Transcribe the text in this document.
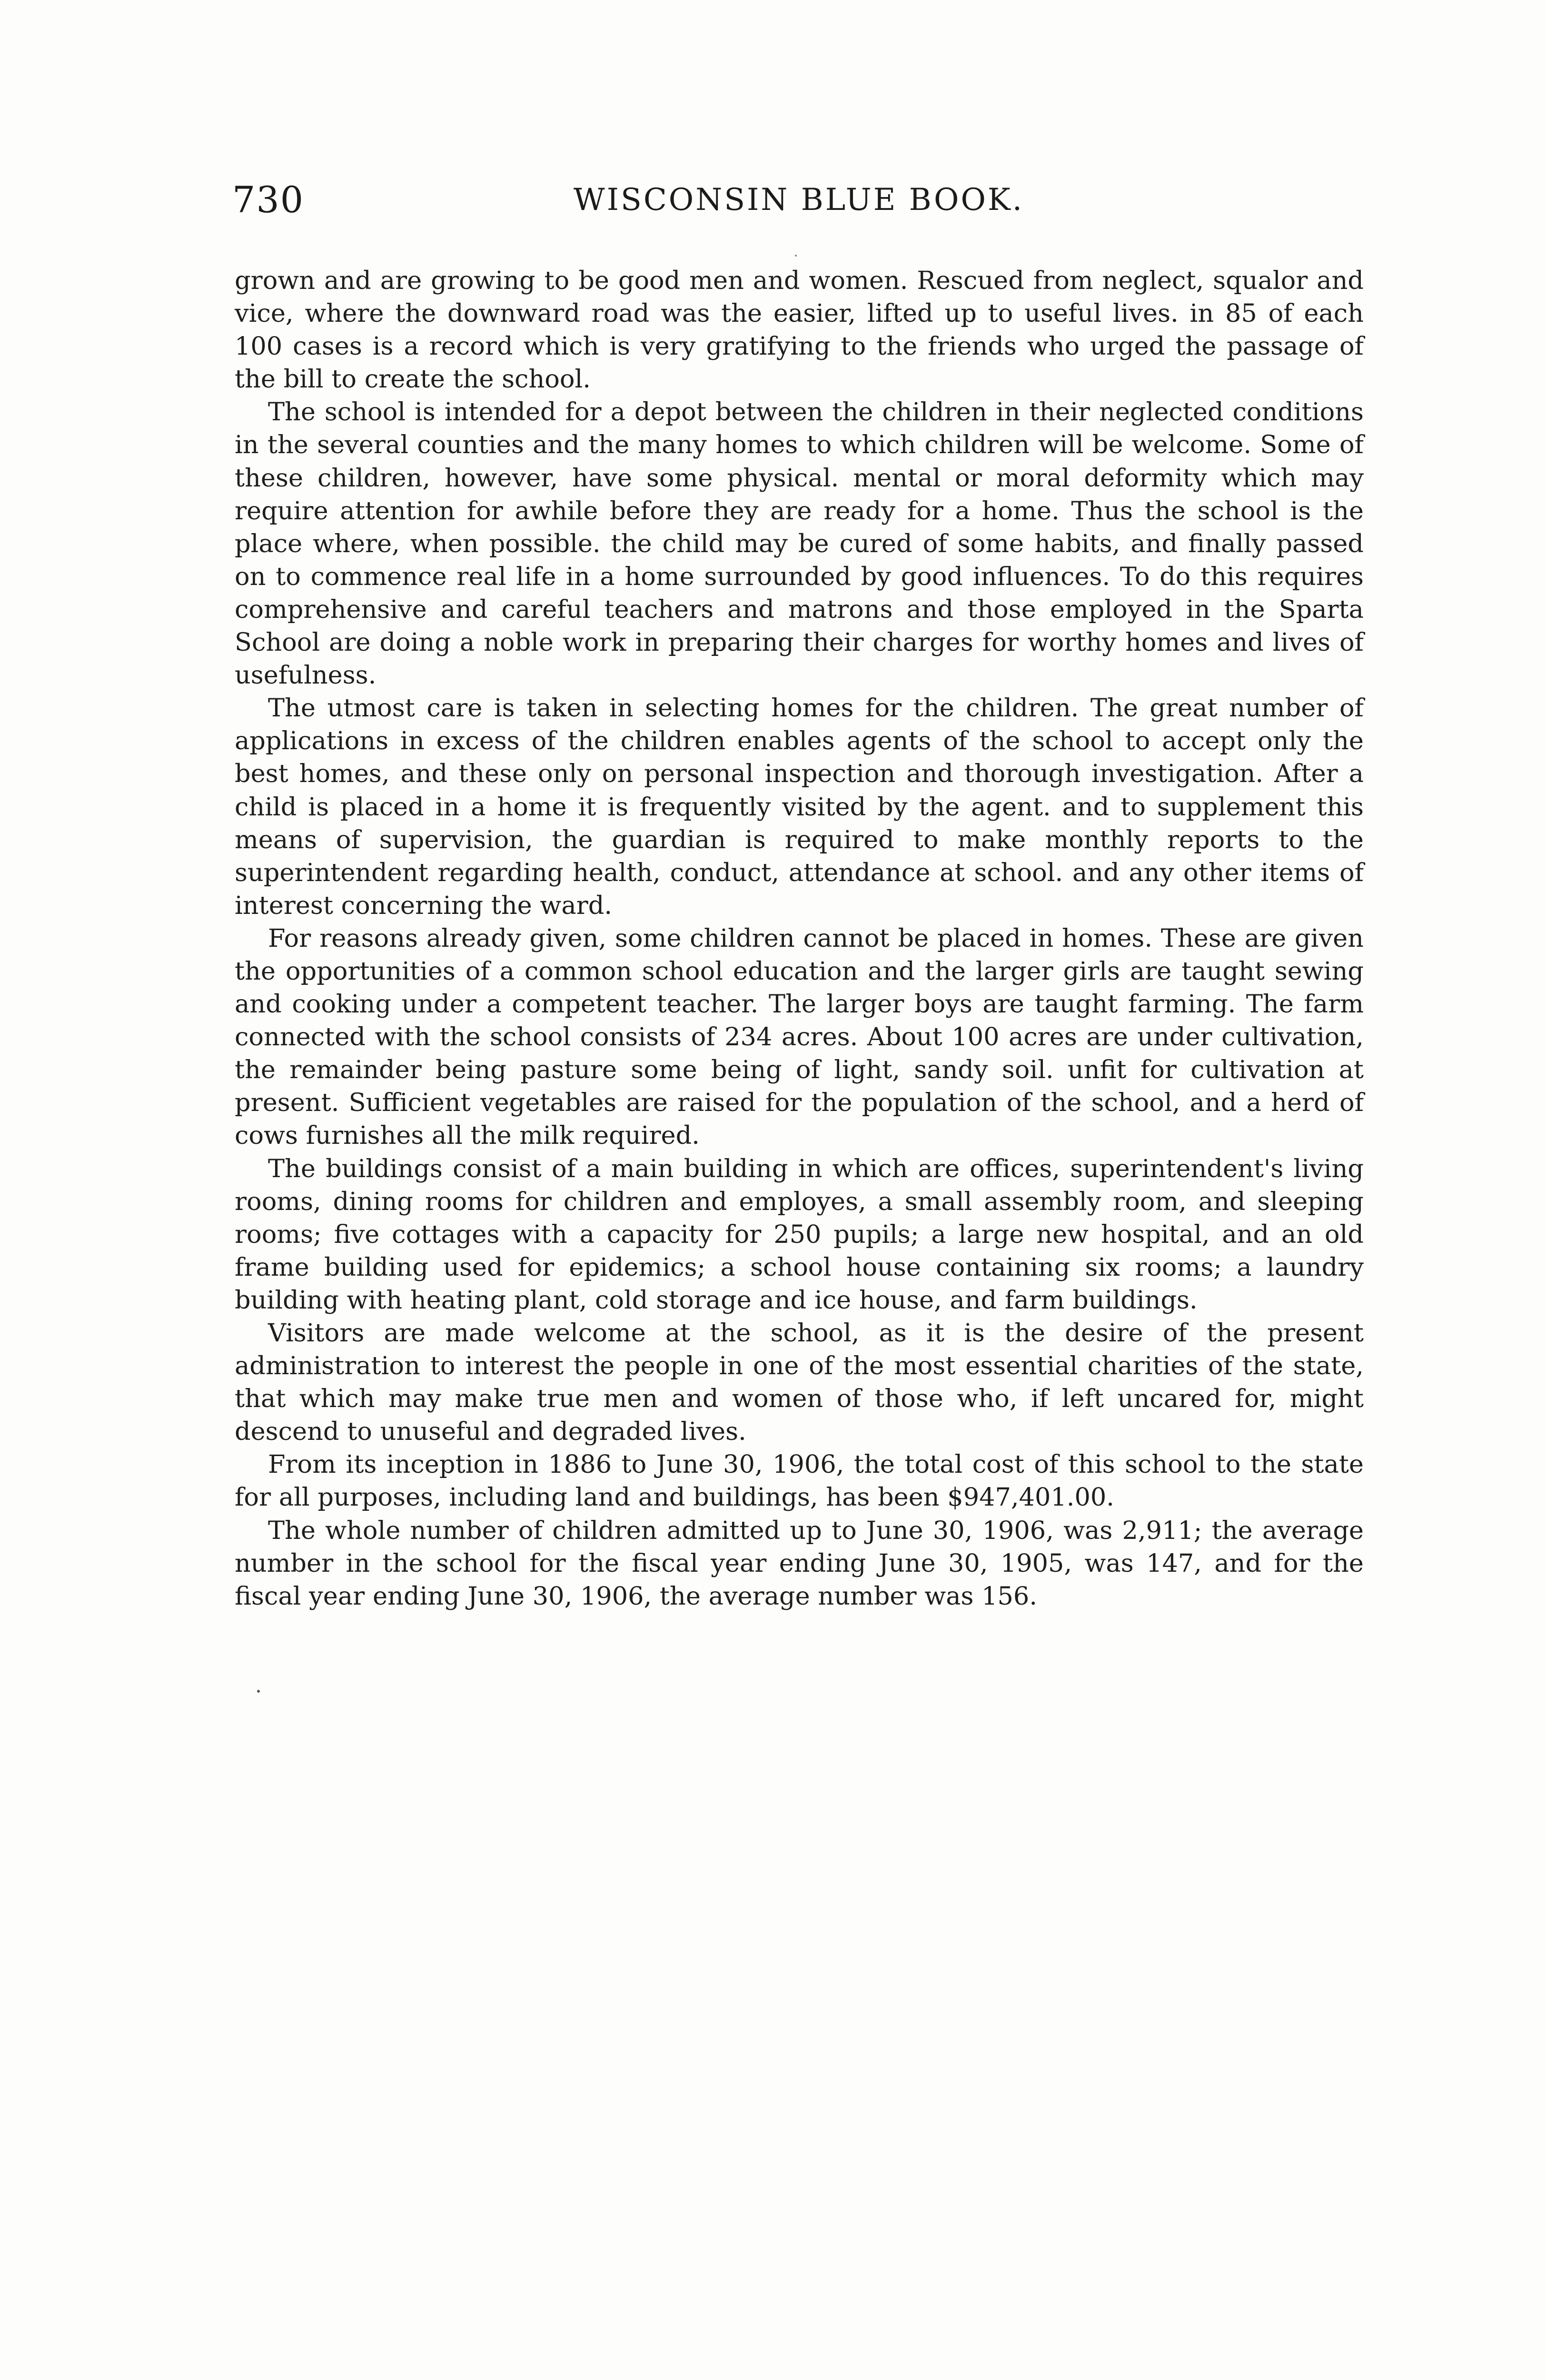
730	WISCONSIN BLUE BOOK.

grown and are growing to be good men and women. Rescued from neglect, squalor and vice, where the downward road was the easier, lifted up to useful lives. in 85 of each 100 cases is a record which is very gratifying to the friends who urged the passage of the bill to create the school.

The school is intended for a depot between the children in their neglected conditions in the several counties and the many homes to which children will be welcome. Some of these children, however, have some physical. mental or moral deformity which may require attention for awhile before they are ready for a home. Thus the school is the place where, when possible. the child may be cured of some habits, and finally passed on to commence real life in a home surrounded by good influences. To do this requires comprehensive and careful teachers and matrons and those employed in the Sparta School are doing a noble work in preparing their charges for worthy homes and lives of usefulness.

The utmost care is taken in selecting homes for the children. The great number of applications in excess of the children enables agents of the school to accept only the best homes, and these only on personal inspection and thorough investigation. After a child is placed in a home it is frequently visited by the agent. and to supplement this means of supervision, the guardian is required to make monthly reports to the superintendent regarding health, conduct, attendance at school. and any other items of interest concerning the ward.

For reasons already given, some children cannot be placed in homes. These are given the opportunities of a common school education and the larger girls are taught sewing and cooking under a competent teacher. The larger boys are taught farming. The farm connected with the school consists of 234 acres. About 100 acres are under cultivation, the remainder being pasture some being of light, sandy soil. unfit for cultivation at present. Sufficient vegetables are raised for the population of the school, and a herd of cows furnishes all the milk required.

The buildings consist of a main building in which are offices, superintendent's living rooms, dining rooms for children and employes, a small assembly room, and sleeping rooms; five cottages with a capacity for 250 pupils; a large new hospital, and an old frame building used for epidemics; a school house containing six rooms; a laundry building with heating plant, cold storage and ice house, and farm buildings.

Visitors are made welcome at the school, as it is the desire of the present administration to interest the people in one of the most essential charities of the state, that which may make true men and women of those who, if left uncared for, might descend to unuseful and degraded lives.

From its inception in 1886 to June 30, 1906, the total cost of this school to the state for all purposes, including land and buildings, has been $947,401.00.

The whole number of children admitted up to June 30, 1906, was 2,911; the average number in the school for the fiscal year ending June 30, 1905, was 147, and for the fiscal year ending June 30, 1906, the average number was 156.
